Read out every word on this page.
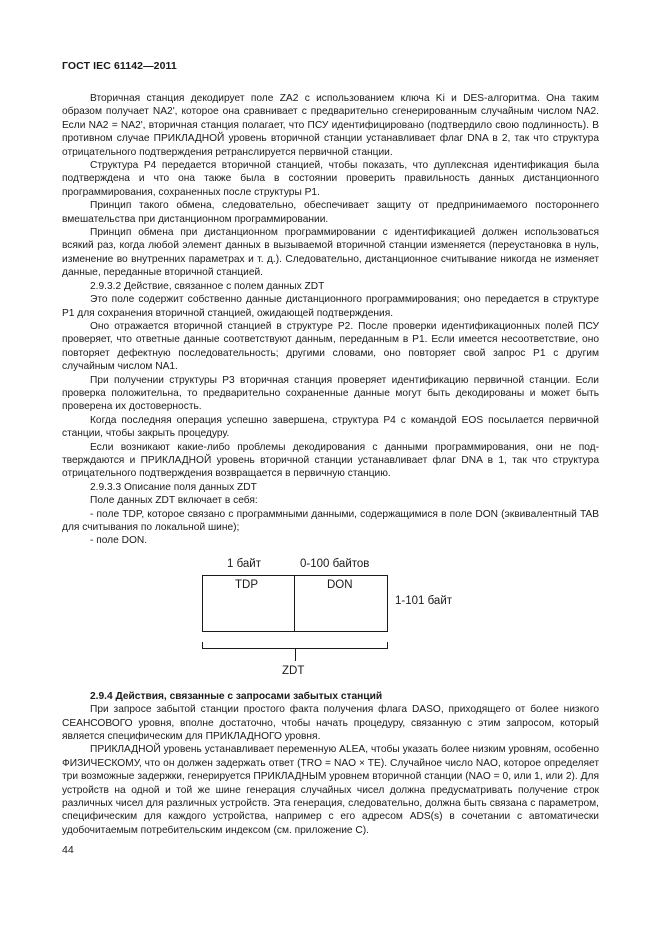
ГОСТ IEC 61142—2011

Вторичная станция декодирует поле ZA2 с использованием ключа Ki и DES-алгоритма. Она таким образом получает NA2', которое она сравнивает с предварительно сгенерированным случайным числом NA2. Если NA2 = NA2', вторичная станция полагает, что ПСУ идентифицировано (подтвердило свою подлинность). В противном случае ПРИКЛАДНОЙ уровень вторичной станции устанавливает флаг DNA в 2, так что структура отрицательного подтверждения ретранслируется первичной станции.

Структура Р4 передается вторичной станцией, чтобы показать, что дуплексная идентификация была подтверждена и что она также была в состоянии проверить правильность данных дистанционного программирования, сохраненных после структуры Р1.

Принцип такого обмена, следовательно, обеспечивает защиту от предпринимаемого постороннего вмешательства при дистанционном программировании.

Принцип обмена при дистанционном программировании с идентификацией должен использоваться всякий раз, когда любой элемент данных в вызываемой вторичной станции изменяется (переустановка в нуль, изменение во внутренних параметрах и т. д.). Следовательно, дистанционное считывание никогда не изменяет данные, переданные вторичной станцией.

2.9.3.2 Действие, связанное с полем данных ZDT

Это поле содержит собственно данные дистанционного программирования; оно передается в структуре Р1 для сохранения вторичной станцией, ожидающей подтверждения.

Оно отражается вторичной станцией в структуре Р2. После проверки идентификационных полей ПСУ проверяет, что ответные данные соответствуют данным, переданным в Р1. Если имеется несоответствие, оно повторяет дефектную последовательность; другими словами, оно повторяет свой запрос Р1 с другим случайным числом NA1.

При получении структуры Р3 вторичная станция проверяет идентификацию первичной станции. Если проверка положительна, то предварительно сохраненные данные могут быть декодированы и может быть проверена их достоверность.

Когда последняя операция успешно завершена, структура Р4 с командой EOS посылается первичной станции, чтобы закрыть процедуру.

Если возникают какие-либо проблемы декодирования с данными программирования, они не подтверждаются и ПРИКЛАДНОЙ уровень вторичной станции устанавливает флаг DNA в 1, так что структура отрицательного подтверждения возвращается в первичную станцию.

2.9.3.3 Описание поля данных ZDT

Поле данных ZDT включает в себя:

- поле TDP, которое связано с программными данными, содержащимися в поле DON (эквивалентный TAB для считывания по локальной шине);

- поле DON.

1 байт	0-100 байтов
TDP	DON
1-101 байт
ZDT

2.9.4 Действия, связанные с запросами забытых станций

При запросе забытой станции простого факта получения флага DASO, приходящего от более низкого СЕАНСОВОГО уровня, вполне достаточно, чтобы начать процедуру, связанную с этим запросом, который является специфическим для ПРИКЛАДНОГО уровня.

ПРИКЛАДНОЙ уровень устанавливает переменную ALEA, чтобы указать более низким уровням, особенно ФИЗИЧЕСКОМУ, что он должен задержать ответ (TRO = NAO × TE). Случайное число NAO, которое определяет три возможные задержки, генерируется ПРИКЛАДНЫМ уровнем вторичной станции (NAO = 0, или 1, или 2). Для устройств на одной и той же шине генерация случайных чисел должна предусматривать получение строк различных чисел для различных устройств. Эта генерация, следовательно, должна быть связана с параметром, специфическим для каждого устройства, например с его адресом ADS(s) в сочетании с автоматически удобочитаемым потребительским индексом (см. приложение С).

44
